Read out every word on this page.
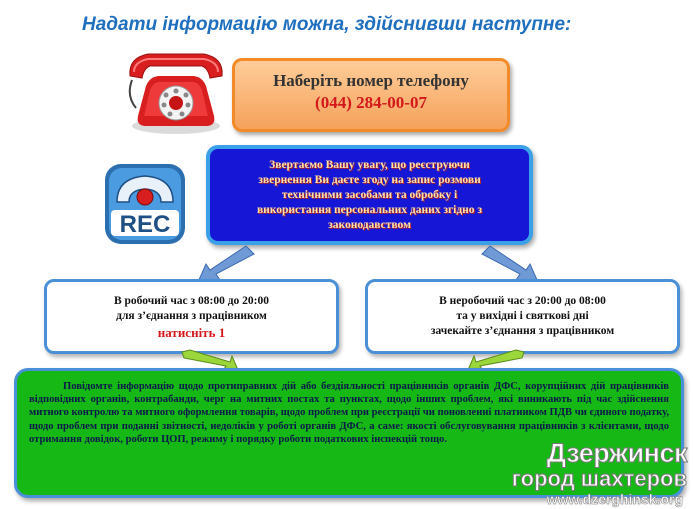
Надати інформацію можна, здійснивши наступне:
Наберіть номер телефону
(044) 284-00-07
REC
Звертаємо Вашу увагу, що реєструючи
звернення Ви даєте згоду на запис розмови
технічними засобами та обробку і
використання персональних даних згідно з
законодавством
В робочий час з 08:00 до 20:00
для з’єднання з працівником
натисніть 1
В неробочий час з 20:00 до 08:00
та у вихідні і святкові дні
зачекайте з’єднання з працівником

Повідомте інформацію щодо протиправних дій або бездіяльності працівників органів ДФС, корупційних дій працівників відповідних органів, контрабанди, черг на митних постах та пунктах, щодо інших проблем, які виникають під час здійснення митного контролю та митного оформлення товарів, щодо проблем при реєстрації чи поновленні платником ПДВ чи єдиного податку, щодо проблем при поданні звітності, недоліків у роботі органів ДФС, а саме: якості обслуговування працівників з клієнтами, щодо отримання довідок, роботи ЦОП, режиму і порядку роботи податкових інспекцій тощо.	Дзержинск
город шахтеров
www.dzerghinsk.org
